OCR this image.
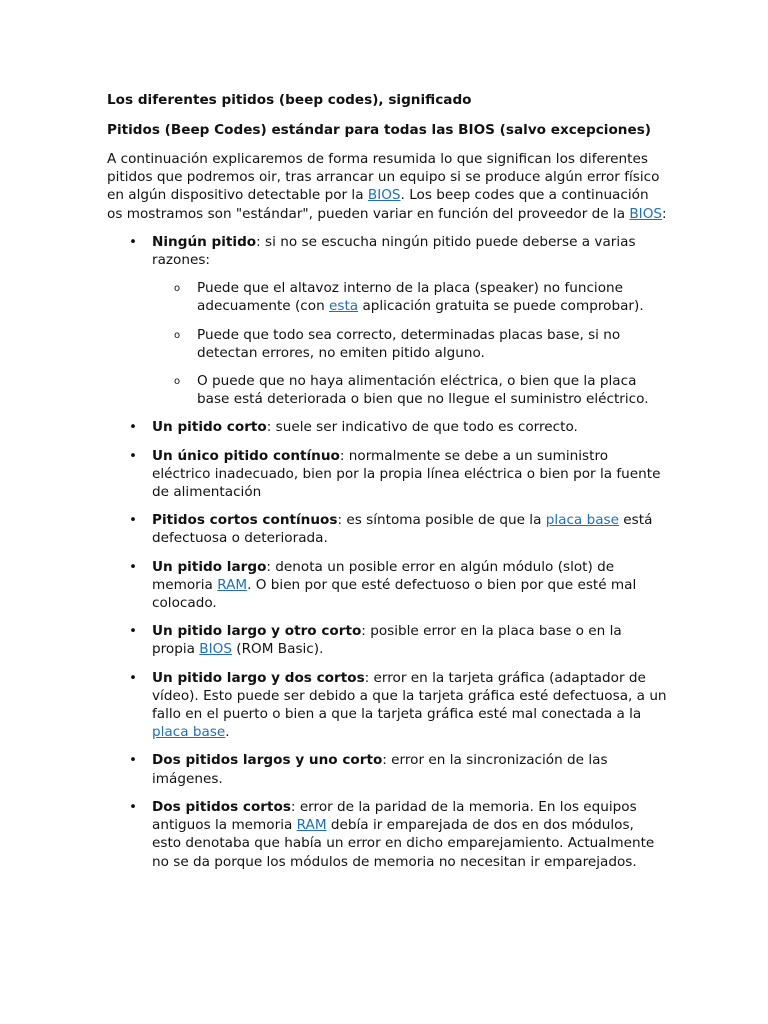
Los diferentes pitidos (beep codes), significado
Pitidos (Beep Codes) estándar para todas las BIOS (salvo excepciones)

A continuación explicaremos de forma resumida lo que significan los diferentes pitidos que podremos oir, tras arrancar un equipo si se produce algún error físico en algún dispositivo detectable por la BIOS. Los beep codes que a continuación os mostramos son "estándar", pueden variar en función del proveedor de la BIOS:

• Ningún pitido: si no se escucha ningún pitido puede deberse a varias razones:
o Puede que el altavoz interno de la placa (speaker) no funcione adecuamente (con esta aplicación gratuita se puede comprobar).
o Puede que todo sea correcto, determinadas placas base, si no detectan errores, no emiten pitido alguno.
o O puede que no haya alimentación eléctrica, o bien que la placa base está deteriorada o bien que no llegue el suministro eléctrico.
• Un pitido corto: suele ser indicativo de que todo es correcto.
• Un único pitido contínuo: normalmente se debe a un suministro eléctrico inadecuado, bien por la propia línea eléctrica o bien por la fuente de alimentación
• Pitidos cortos contínuos: es síntoma posible de que la placa base está defectuosa o deteriorada.
• Un pitido largo: denota un posible error en algún módulo (slot) de memoria RAM. O bien por que esté defectuoso o bien por que esté mal colocado.
• Un pitido largo y otro corto: posible error en la placa base o en la propia BIOS (ROM Basic).
• Un pitido largo y dos cortos: error en la tarjeta gráfica (adaptador de vídeo). Esto puede ser debido a que la tarjeta gráfica esté defectuosa, a un fallo en el puerto o bien a que la tarjeta gráfica esté mal conectada a la placa base.
• Dos pitidos largos y uno corto: error en la sincronización de las imágenes.
• Dos pitidos cortos: error de la paridad de la memoria. En los equipos antiguos la memoria RAM debía ir emparejada de dos en dos módulos, esto denotaba que había un error en dicho emparejamiento. Actualmente no se da porque los módulos de memoria no necesitan ir emparejados.
